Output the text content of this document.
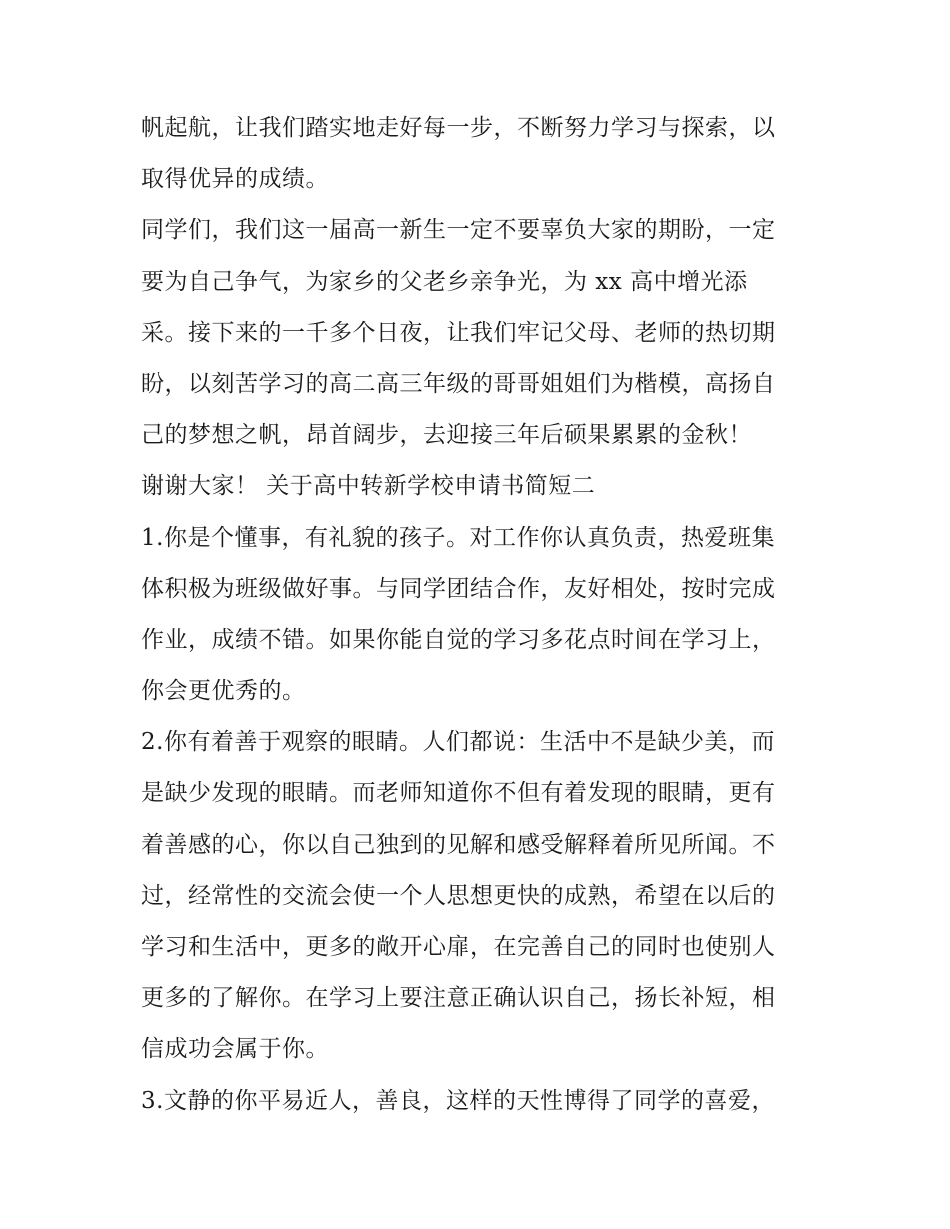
帆起航，让我们踏实地走好每一步，不断努力学习与探索，以
取得优异的成绩。
同学们，我们这一届高一新生一定不要辜负大家的期盼，一定
要为自己争气，为家乡的父老乡亲争光，为 xx 高中增光添
采。接下来的一千多个日夜，让我们牢记父母、老师的热切期
盼，以刻苦学习的高二高三年级的哥哥姐姐们为楷模，高扬自
己的梦想之帆，昂首阔步，去迎接三年后硕果累累的金秋！
谢谢大家！ 关于高中转新学校申请书简短二
1.你是个懂事，有礼貌的孩子。对工作你认真负责，热爱班集
体积极为班级做好事。与同学团结合作，友好相处，按时完成
作业，成绩不错。如果你能自觉的学习多花点时间在学习上，
你会更优秀的。
2.你有着善于观察的眼睛。人们都说：生活中不是缺少美，而
是缺少发现的眼睛。而老师知道你不但有着发现的眼睛，更有
着善感的心，你以自己独到的见解和感受解释着所见所闻。不
过，经常性的交流会使一个人思想更快的成熟，希望在以后的
学习和生活中，更多的敞开心扉，在完善自己的同时也使别人
更多的了解你。在学习上要注意正确认识自己，扬长补短，相
信成功会属于你。
3.文静的你平易近人，善良，这样的天性博得了同学的喜爱，
